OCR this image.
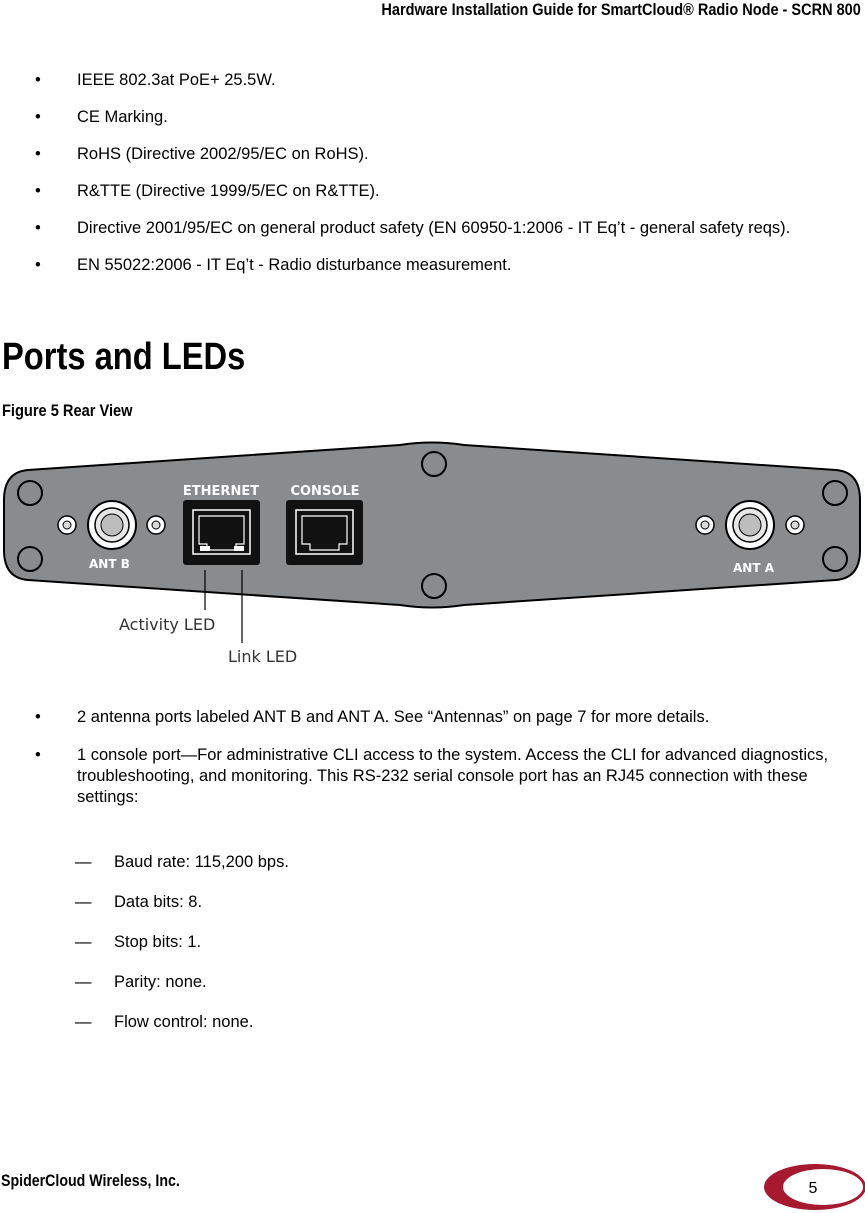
Hardware Installation Guide for SmartCloud® Radio Node - SCRN 800
• IEEE 802.3at PoE+ 25.5W.
• CE Marking.
• RoHS (Directive 2002/95/EC on RoHS).
• R&TTE (Directive 1999/5/EC on R&TTE).
• Directive 2001/95/EC on general product safety (EN 60950-1:2006 - IT Eq’t - general safety reqs).
• EN 55022:2006 - IT Eq’t - Radio disturbance measurement.
Ports and LEDs
Figure 5 Rear View
ETHERNET CONSOLE
ANT B	ANT A
Activity LED
Link LED
• 2 antenna ports labeled ANT B and ANT A. See “Antennas” on page 7 for more details.
• 1 console port—For administrative CLI access to the system. Access the CLI for advanced diagnostics, troubleshooting, and monitoring. This RS-232 serial console port has an RJ45 connection with these settings:
— Baud rate: 115,200 bps.
— Data bits: 8.
— Stop bits: 1.
— Parity: none.
— Flow control: none.
SpiderCloud Wireless, Inc.	5
